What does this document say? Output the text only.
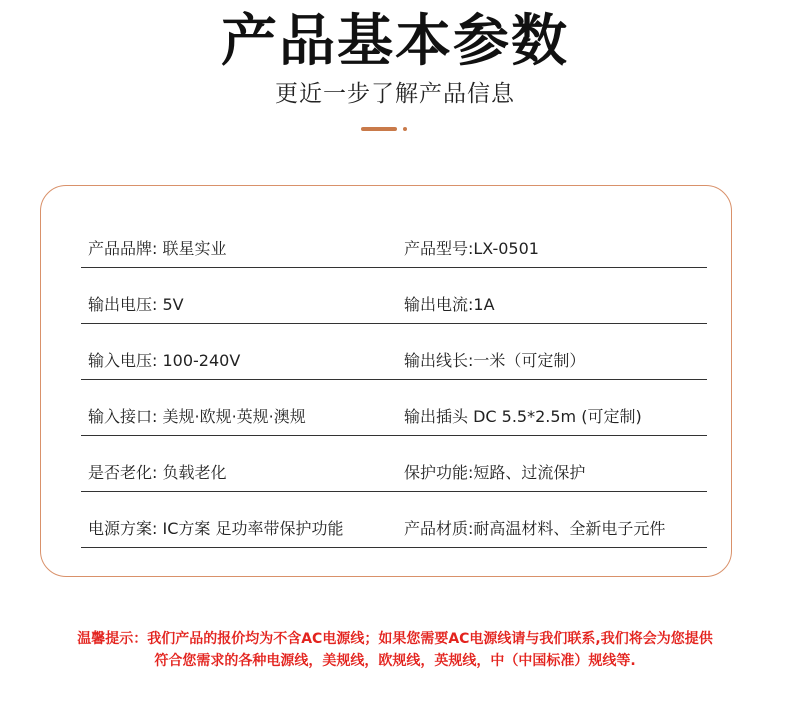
产品基本参数
更近一步了解产品信息
产品品牌: 联星实业	产品型号:LX-0501
输出电压: 5V	输出电流:1A
输入电压: 100-240V	输出线长:一米（可定制）
输入接口: 美规·欧规·英规·澳规	输出插头 DC 5.5*2.5m (可定制)
是否老化: 负载老化	保护功能:短路、过流保护
电源方案: IC方案 足功率带保护功能	产品材质:耐高温材料、全新电子元件
温馨提示：我们产品的报价均为不含AC电源线；如果您需要AC电源线请与我们联系,我们将会为您提供
符合您需求的各种电源线，美规线，欧规线，英规线，中（中国标准）规线等.
